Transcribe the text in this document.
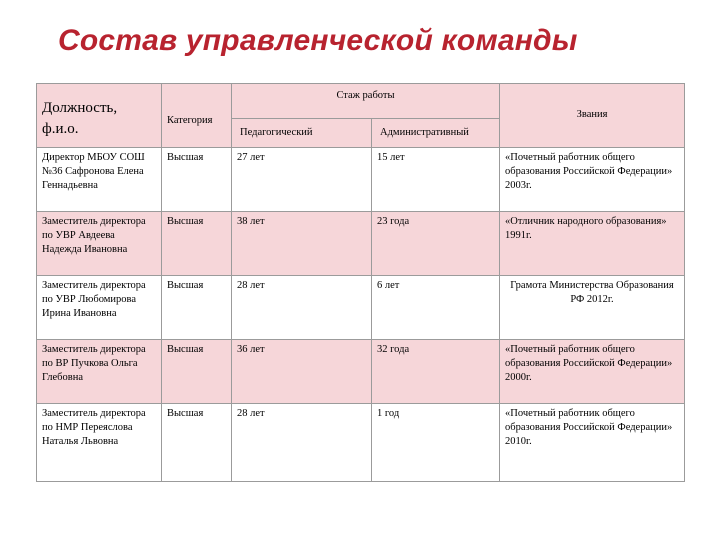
Состав управленческой команды
Должность, ф.и.о.	Категория	Стаж работы		Звания
		Педагогический	Административный	
Директор МБОУ СОШ №36 Сафронова Елена Геннадьевна	Высшая	27 лет	15 лет	«Почетный работник общего образования Российской Федерации» 2003г.
Заместитель директора по УВР Авдеева Надежда Ивановна	Высшая	38 лет	23 года	«Отличник народного образования» 1991г.
Заместитель директора по УВР Любомирова Ирина Ивановна	Высшая	28 лет	6 лет	Грамота Министерства Образования РФ 2012г.
Заместитель директора по ВР Пучкова Ольга Глебовна	Высшая	36 лет	32 года	«Почетный работник общего образования Российской Федерации» 2000г.
Заместитель директора по НМР Переяслова Наталья Львовна	Высшая	28 лет	1 год	«Почетный работник общего образования Российской Федерации» 2010г.
